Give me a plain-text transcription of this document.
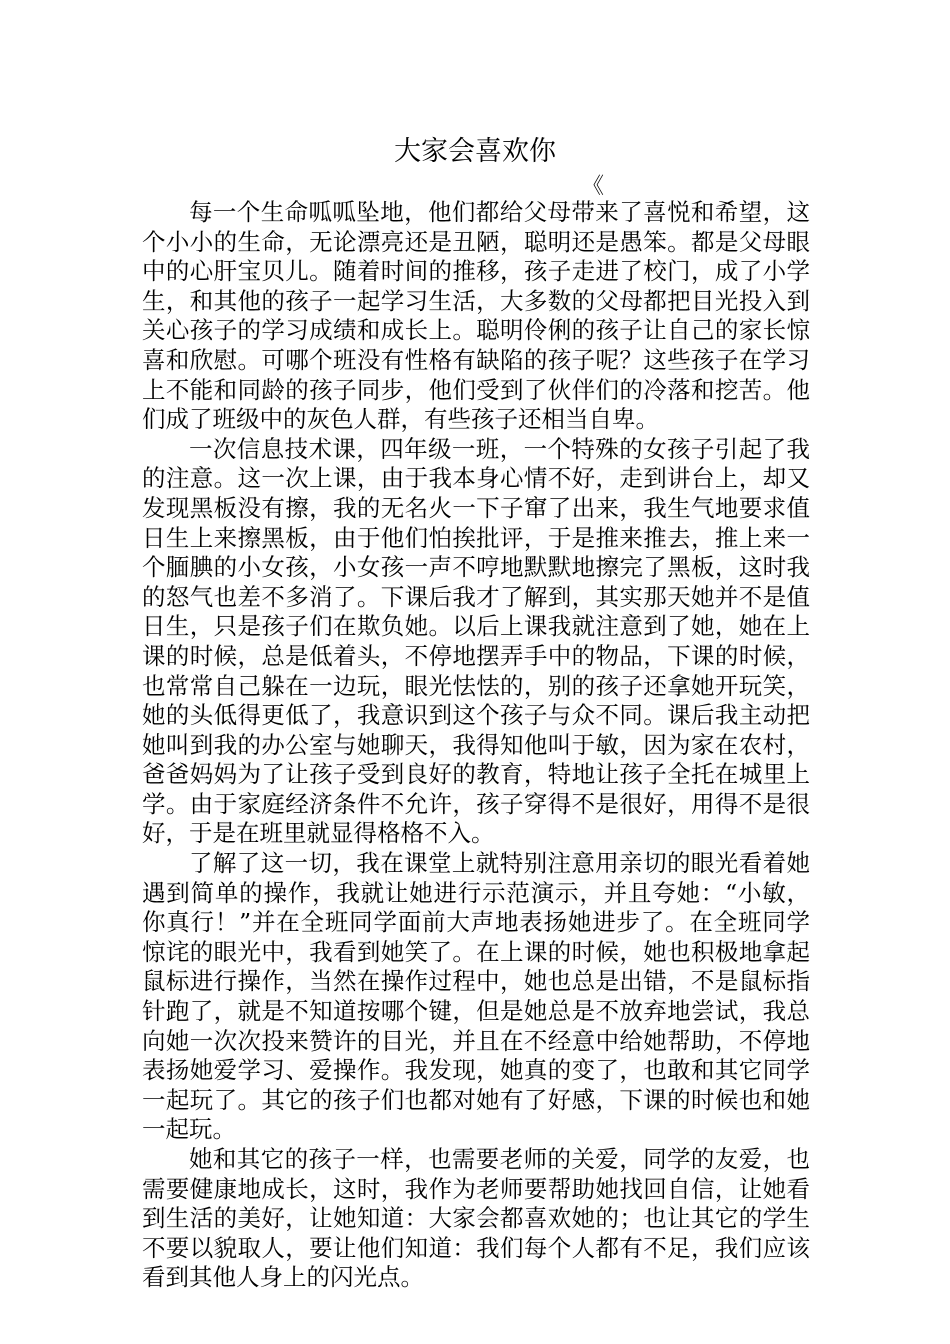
大家会喜欢你
《

每一个生命呱呱坠地，他们都给父母带来了喜悦和希望，这个小小的生命，无论漂亮还是丑陋，聪明还是愚笨。都是父母眼中的心肝宝贝儿。随着时间的推移，孩子走进了校门，成了小学生，和其他的孩子一起学习生活，大多数的父母都把目光投入到关心孩子的学习成绩和成长上。聪明伶俐的孩子让自己的家长惊喜和欣慰。可哪个班没有性格有缺陷的孩子呢？这些孩子在学习上不能和同龄的孩子同步，他们受到了伙伴们的冷落和挖苦。他们成了班级中的灰色人群，有些孩子还相当自卑。

一次信息技术课，四年级一班，一个特殊的女孩子引起了我的注意。这一次上课，由于我本身心情不好，走到讲台上，却又发现黑板没有擦，我的无名火一下子窜了出来，我生气地要求值日生上来擦黑板，由于他们怕挨批评，于是推来推去，推上来一个腼腆的小女孩，小女孩一声不哼地默默地擦完了黑板，这时我的怒气也差不多消了。下课后我才了解到，其实那天她并不是值日生，只是孩子们在欺负她。以后上课我就注意到了她，她在上课的时候，总是低着头，不停地摆弄手中的物品，下课的时候，也常常自己躲在一边玩，眼光怯怯的，别的孩子还拿她开玩笑，她的头低得更低了，我意识到这个孩子与众不同。课后我主动把她叫到我的办公室与她聊天，我得知他叫于敏，因为家在农村，爸爸妈妈为了让孩子受到良好的教育，特地让孩子全托在城里上学。由于家庭经济条件不允许，孩子穿得不是很好，用得不是很好，于是在班里就显得格格不入。

了解了这一切，我在课堂上就特别注意用亲切的眼光看着她遇到简单的操作，我就让她进行示范演示，并且夸她：“小敏，你真行！”并在全班同学面前大声地表扬她进步了。在全班同学惊诧的眼光中，我看到她笑了。在上课的时候，她也积极地拿起鼠标进行操作，当然在操作过程中，她也总是出错，不是鼠标指针跑了，就是不知道按哪个键，但是她总是不放弃地尝试，我总向她一次次投来赞许的目光，并且在不经意中给她帮助，不停地表扬她爱学习、爱操作。我发现，她真的变了，也敢和其它同学一起玩了。其它的孩子们也都对她有了好感，下课的时候也和她一起玩。

她和其它的孩子一样，也需要老师的关爱，同学的友爱，也需要健康地成长，这时，我作为老师要帮助她找回自信，让她看到生活的美好，让她知道：大家会都喜欢她的；也让其它的学生不要以貌取人，要让他们知道：我们每个人都有不足，我们应该看到其他人身上的闪光点。
